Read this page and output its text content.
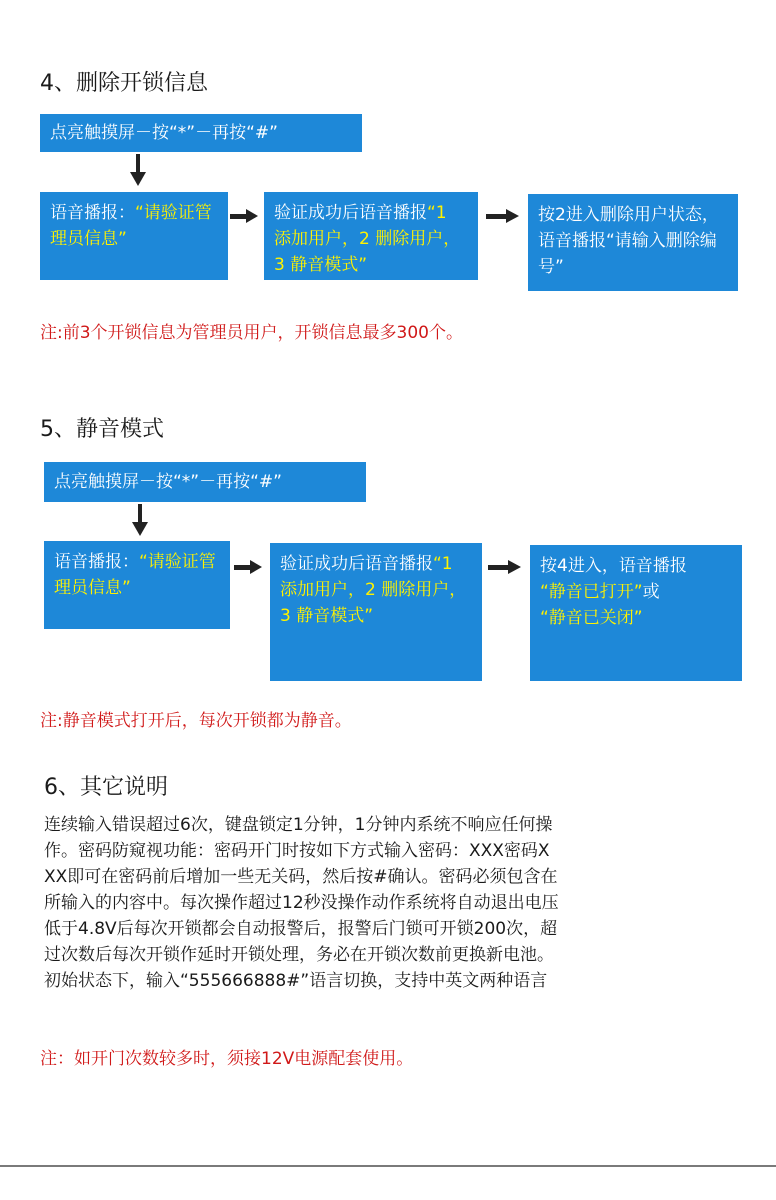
4、删除开锁信息
点亮触摸屏－按“*”－再按“#”
语音播报：“请验证管理员信息”
验证成功后语音播报“1 添加用户，2 删除用户，3 静音模式”
按2进入删除用户状态，语音播报“请输入删除编号”
注:前3个开锁信息为管理员用户，开锁信息最多300个。
5、静音模式
点亮触摸屏－按“*”－再按“#”
语音播报：“请验证管理员信息”
验证成功后语音播报“1 添加用户，2 删除用户，3 静音模式”
按4进入，语音播报
“静音已打开”或
“静音已关闭”
注:静音模式打开后，每次开锁都为静音。
6、其它说明
连续输入错误超过6次，键盘锁定1分钟，1分钟内系统不响应任何操
作。密码防窥视功能：密码开门时按如下方式输入密码：XXX密码X
XX即可在密码前后增加一些无关码，然后按#确认。密码必须包含在
所输入的内容中。每次操作超过12秒没操作动作系统将自动退出电压
低于4.8V后每次开锁都会自动报警后，报警后门锁可开锁200次，超
过次数后每次开锁作延时开锁处理，务必在开锁次数前更换新电池。
初始状态下，输入“555666888#”语言切换，支持中英文两种语言
注：如开门次数较多时，须接12V电源配套使用。
